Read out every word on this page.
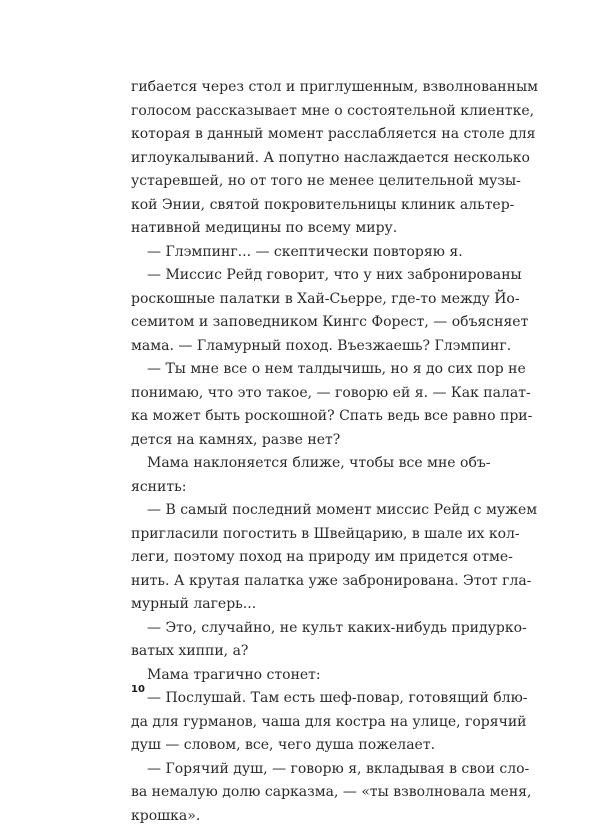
гибается через стол и приглушенным, взволнованным
голосом рассказывает мне о состоятельной клиентке,
которая в данный момент расслабляется на столе для
иглоукалываний. А попутно наслаждается несколько
устаревшей, но от того не менее целительной музы-
кой Энии, святой покровительницы клиник альтер-
нативной медицины по всему миру.
— Глэмпинг... — скептически повторяю я.
— Миссис Рейд говорит, что у них забронированы
роскошные палатки в Хай-Сьерре, где-то между Йо-
семитом и заповедником Кингс Форест, — объясняет
мама. — Гламурный поход. Въезжаешь? Глэмпинг.
— Ты мне все о нем талдычишь, но я до сих пор не
понимаю, что это такое, — говорю ей я. — Как палат-
ка может быть роскошной? Спать ведь все равно при-
дется на камнях, разве нет?
Мама наклоняется ближе, чтобы все мне объ-
яснить:
— В самый последний момент миссис Рейд с мужем
пригласили погостить в Швейцарию, в шале их кол-
леги, поэтому поход на природу им придется отме-
нить. А крутая палатка уже забронирована. Этот гла-
мурный лагерь...
— Это, случайно, не культ каких-нибудь придурко-
ватых хиппи, а?
Мама трагично стонет:
— Послушай. Там есть шеф-повар, готовящий блю-
да для гурманов, чаша для костра на улице, горячий
душ — словом, все, чего душа пожелает.
— Горячий душ, — говорю я, вкладывая в свои сло-
ва немалую долю сарказма, — «ты взволновала меня,
крошка».
10
